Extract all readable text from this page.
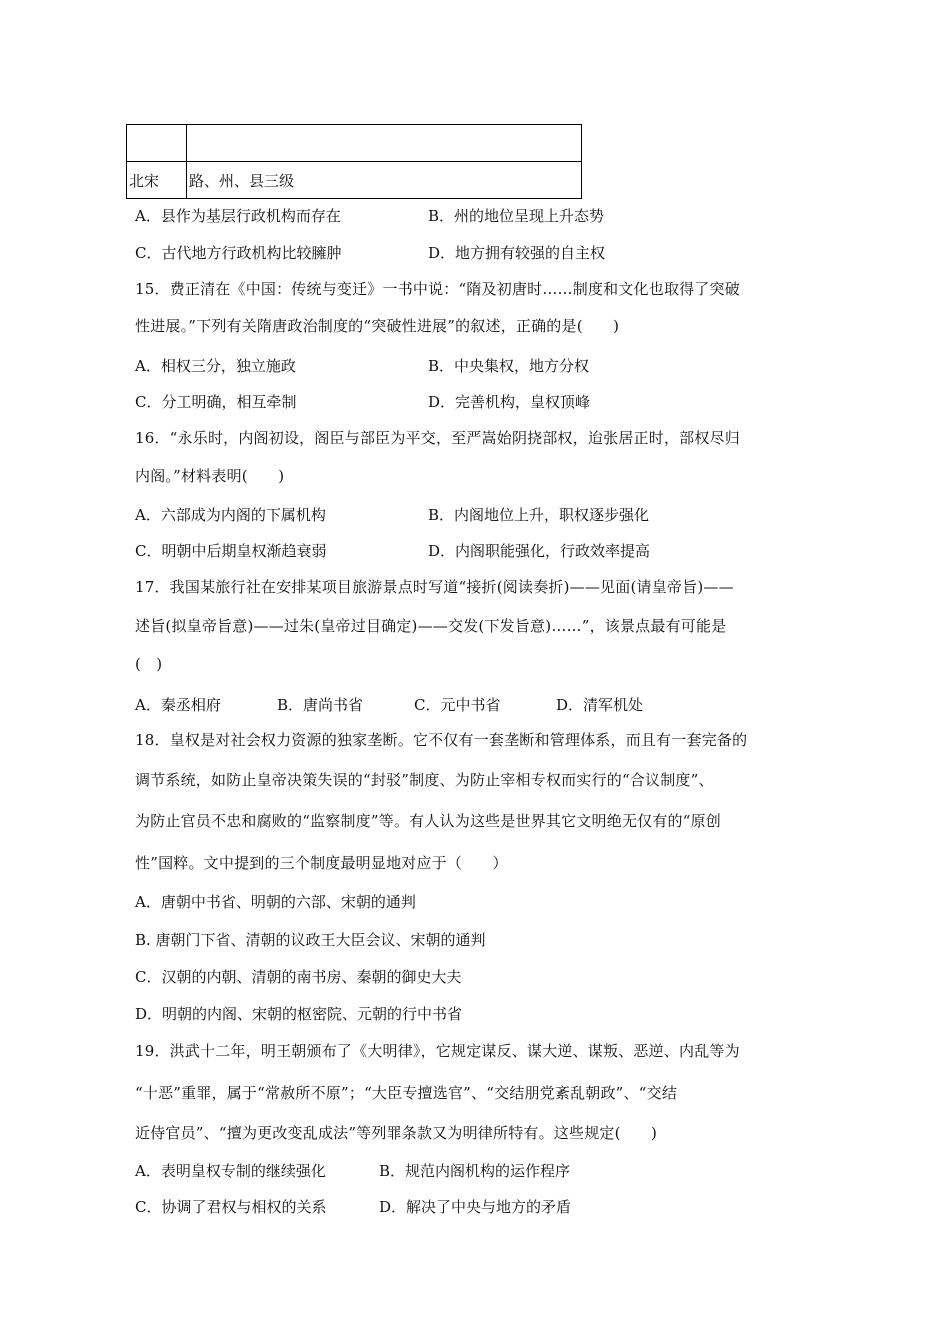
北宋	路、州、县三级
A．县作为基层行政机构而存在	B．州的地位呈现上升态势
C．古代地方行政机构比较臃肿	D．地方拥有较强的自主权
15．费正清在《中国：传统与变迁》一书中说：“隋及初唐时……制度和文化也取得了突破
性进展。”下列有关隋唐政治制度的“突破性进展”的叙述，正确的是(　　)
A．相权三分，独立施政	B．中央集权，地方分权
C．分工明确，相互牵制	D．完善机构，皇权顶峰
16．“永乐时，内阁初设，阁臣与部臣为平交，至严嵩始阴挠部权，迨张居正时，部权尽归
内阁。”材料表明(　　)
A．六部成为内阁的下属机构	B．内阁地位上升，职权逐步强化
C．明朝中后期皇权渐趋衰弱	D．内阁职能强化，行政效率提高
17．我国某旅行社在安排某项目旅游景点时写道“接折(阅读奏折)——见面(请皇帝旨)——
述旨(拟皇帝旨意)——过朱(皇帝过目确定)——交发(下发旨意)……”，该景点最有可能是
(　)
A．秦丞相府	B．唐尚书省	C．元中书省	D．清军机处
18．皇权是对社会权力资源的独家垄断。它不仅有一套垄断和管理体系，而且有一套完备的
调节系统，如防止皇帝决策失误的“封驳”制度、为防止宰相专权而实行的“合议制度”、
为防止官员不忠和腐败的“监察制度”等。有人认为这些是世界其它文明绝无仅有的“原创
性”国粹。文中提到的三个制度最明显地对应于（　　）
A．唐朝中书省、明朝的六部、宋朝的通判
B. 唐朝门下省、清朝的议政王大臣会议、宋朝的通判
C．汉朝的内朝、清朝的南书房、秦朝的御史大夫
D．明朝的内阁、宋朝的枢密院、元朝的行中书省
19．洪武十二年，明王朝颁布了《大明律》，它规定谋反、谋大逆、谋叛、恶逆、内乱等为
“十恶”重罪，属于“常赦所不原”；“大臣专擅选官”、“交结朋党紊乱朝政”、“交结
近侍官员”、“擅为更改变乱成法”等列罪条款又为明律所特有。这些规定(　　)
A．表明皇权专制的继续强化	B．规范内阁机构的运作程序
C．协调了君权与相权的关系	D．解决了中央与地方的矛盾
